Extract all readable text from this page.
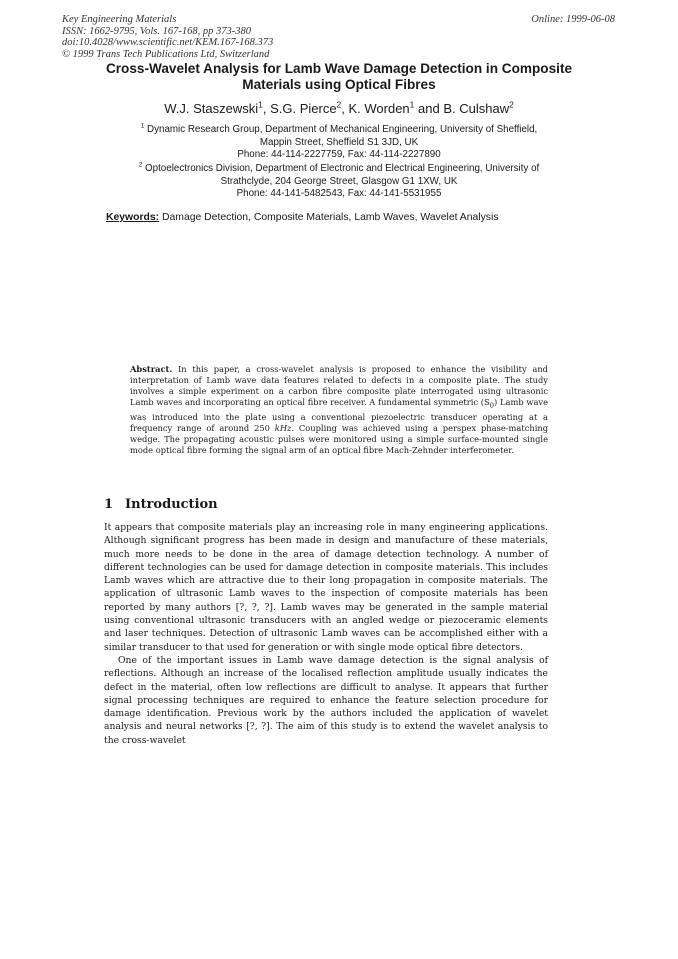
Key Engineering Materials
ISSN: 1662-9795, Vols. 167-168, pp 373-380
doi:10.4028/www.scientific.net/KEM.167-168.373
© 1999 Trans Tech Publications Ltd, Switzerland
Online: 1999-06-08
Cross-Wavelet Analysis for Lamb Wave Damage Detection in Composite
Materials using Optical Fibres
W.J. Staszewski$^1$, S.G. Pierce$^2$, K. Worden$^1$ and B. Culshaw$^2$
$^1$ Dynamic Research Group, Department of Mechanical Engineering, University of Sheffield,
Mappin Street, Sheffield S1 3JD, UK
Phone: 44-114-2227759, Fax: 44-114-2227890
$^2$ Optoelectronics Division, Department of Electronic and Electrical Engineering, University of Strathclyde, 204 George Street, Glasgow G1 1XW, UK
Phone: 44-141-5482543, Fax: 44-141-5531955
Keywords: Damage Detection, Composite Materials, Lamb Waves, Wavelet Analysis
Abstract. In this paper, a cross-wavelet analysis is proposed to enhance the visibility and interpretation of Lamb wave data features related to defects in a composite plate. The study involves a simple experiment on a carbon fibre composite plate interrogated using ultrasonic Lamb waves and incorporating an optical fibre receiver. A fundamental symmetric $(S_0)$ Lamb wave was introduced into the plate using a conventional piezoelectric transducer operating at a frequency range of around 250 kHz. Coupling was achieved using a perspex phase-matching wedge. The propagating acoustic pulses were monitored using a simple surface-mounted single mode optical fibre forming the signal arm of an optical fibre Mach-Zehnder interferometer.
1 Introduction

It appears that composite materials play an increasing role in many engineering applications. Although significant progress has been made in design and manufacture of these materials, much more needs to be done in the area of damage detection technology. A number of different technologies can be used for damage detection in composite materials. This includes Lamb waves which are attractive due to their long propagation in composite materials. The application of ultrasonic Lamb waves to the inspection of composite materials has been reported by many authors [?, ?, ?]. Lamb waves may be generated in the sample material using conventional ultrasonic transducers with an angled wedge or piezoceramic elements and laser techniques. Detection of ultrasonic Lamb waves can be accomplished either with a similar transducer to that used for generation or with single mode optical fibre detectors.

One of the important issues in Lamb wave damage detection is the signal analysis of reflections. Although an increase of the localised reflection amplitude usually indicates the defect in the material, often low reflections are difficult to analyse. It appears that further signal processing techniques are required to enhance the feature selection procedure for damage identification. Previous work by the authors included the application of wavelet analysis and neural networks [?, ?]. The aim of this study is to extend the wavelet analysis to the cross-wavelet
